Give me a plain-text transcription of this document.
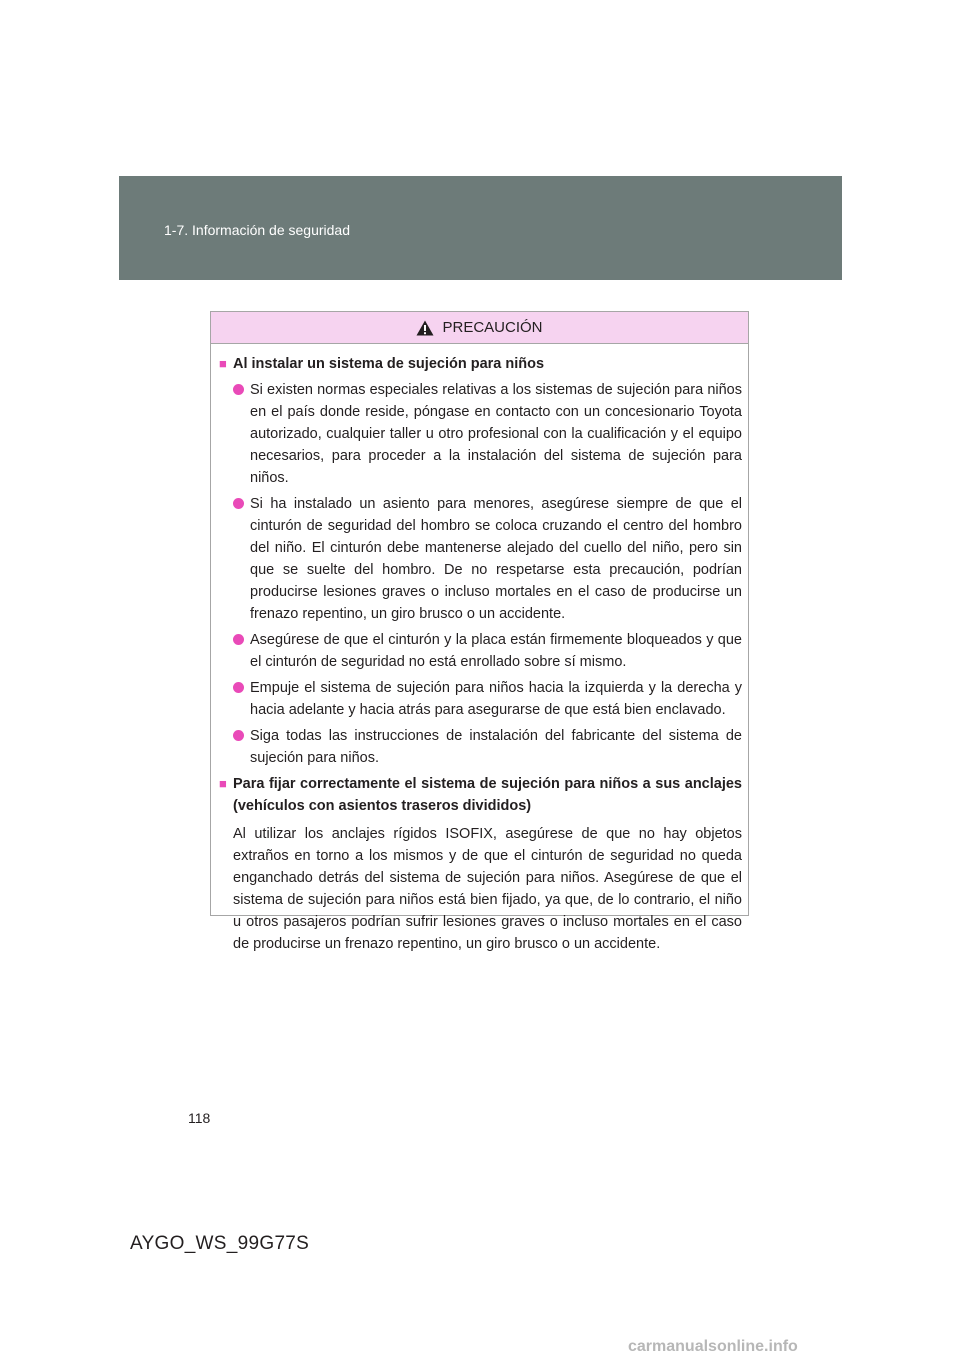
1-7. Información de seguridad
PRECAUCIÓN
■ Al instalar un sistema de sujeción para niños
Si existen normas especiales relativas a los sistemas de sujeción para niños en el país donde reside, póngase en contacto con un concesionario Toyota autorizado, cualquier taller u otro profesional con la cualificación y el equipo necesarios, para proceder a la instalación del sistema de sujeción para niños.
Si ha instalado un asiento para menores, asegúrese siempre de que el cinturón de seguridad del hombro se coloca cruzando el centro del hombro del niño. El cinturón debe mantenerse alejado del cuello del niño, pero sin que se suelte del hombro. De no respetarse esta precaución, podrían producirse lesiones graves o incluso mortales en el caso de producirse un frenazo repentino, un giro brusco o un accidente.
Asegúrese de que el cinturón y la placa están firmemente bloqueados y que el cinturón de seguridad no está enrollado sobre sí mismo.
Empuje el sistema de sujeción para niños hacia la izquierda y la derecha y hacia adelante y hacia atrás para asegurarse de que está bien enclavado.
Siga todas las instrucciones de instalación del fabricante del sistema de sujeción para niños.
■ Para fijar correctamente el sistema de sujeción para niños a sus anclajes (vehículos con asientos traseros divididos)
Al utilizar los anclajes rígidos ISOFIX, asegúrese de que no hay objetos extraños en torno a los mismos y de que el cinturón de seguridad no queda enganchado detrás del sistema de sujeción para niños. Asegúrese de que el sistema de sujeción para niños está bien fijado, ya que, de lo contrario, el niño u otros pasajeros podrían sufrir lesiones graves o incluso mortales en el caso de producirse un frenazo repentino, un giro brusco o un accidente.
118
AYGO_WS_99G77S
carmanualsonline.info
